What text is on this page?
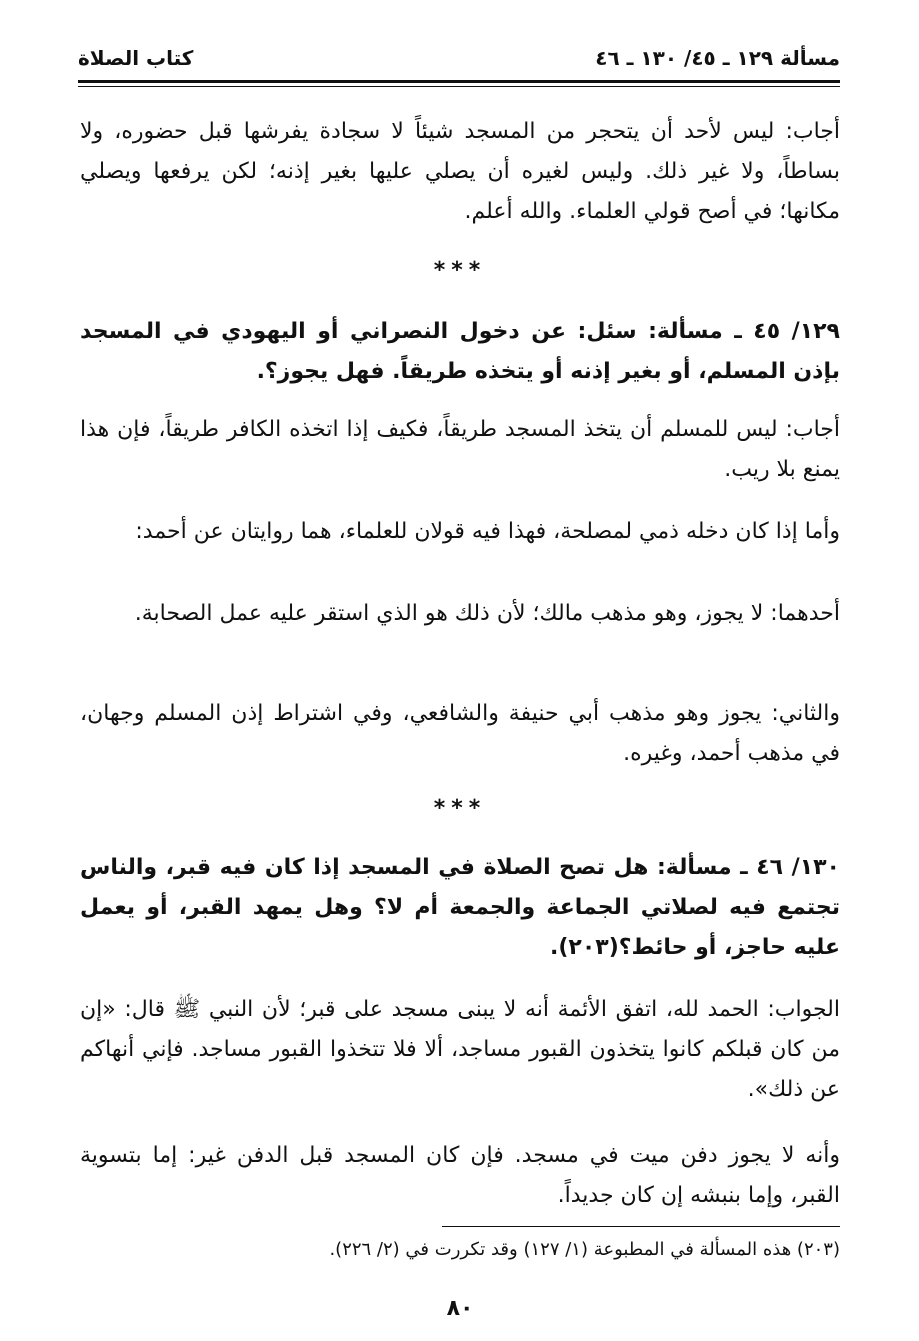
كتاب الصلاة	مسألة ١٢٩ ـ ٤٥/ ١٣٠ ـ ٤٦

أجاب: ليس لأحد أن يتحجر من المسجد شيئاً لا سجادة يفرشها قبل حضوره، ولا بساطاً، ولا غير ذلك. وليس لغيره أن يصلي عليها بغير إذنه؛ لكن يرفعها ويصلي مكانها؛ في أصح قولي العلماء. والله أعلم.

***

١٢٩/ ٤٥ ـ مسألة: سئل: عن دخول النصراني أو اليهودي في المسجد بإذن المسلم، أو بغير إذنه أو يتخذه طريقاً. فهل يجوز؟.

أجاب: ليس للمسلم أن يتخذ المسجد طريقاً، فكيف إذا اتخذه الكافر طريقاً، فإن هذا يمنع بلا ريب.

وأما إذا كان دخله ذمي لمصلحة، فهذا فيه قولان للعلماء، هما روايتان عن أحمد:

أحدهما: لا يجوز، وهو مذهب مالك؛ لأن ذلك هو الذي استقر عليه عمل الصحابة.

والثاني: يجوز وهو مذهب أبي حنيفة والشافعي، وفي اشتراط إذن المسلم وجهان، في مذهب أحمد، وغيره.

***

١٣٠/ ٤٦ ـ مسألة: هل تصح الصلاة في المسجد إذا كان فيه قبر، والناس تجتمع فيه لصلاتي الجماعة والجمعة أم لا؟ وهل يمهد القبر، أو يعمل عليه حاجز، أو حائط؟(٢٠٣).

الجواب: الحمد لله، اتفق الأئمة أنه لا يبنى مسجد على قبر؛ لأن النبي ﷺ قال: «إن من كان قبلكم كانوا يتخذون القبور مساجد، ألا فلا تتخذوا القبور مساجد. فإني أنهاكم عن ذلك».

وأنه لا يجوز دفن ميت في مسجد. فإن كان المسجد قبل الدفن غير: إما بتسوية القبر، وإما بنبشه إن كان جديداً.

(٢٠٣) هذه المسألة في المطبوعة (١/ ١٢٧) وقد تكررت في (٢/ ٢٢٦).
٨٠
